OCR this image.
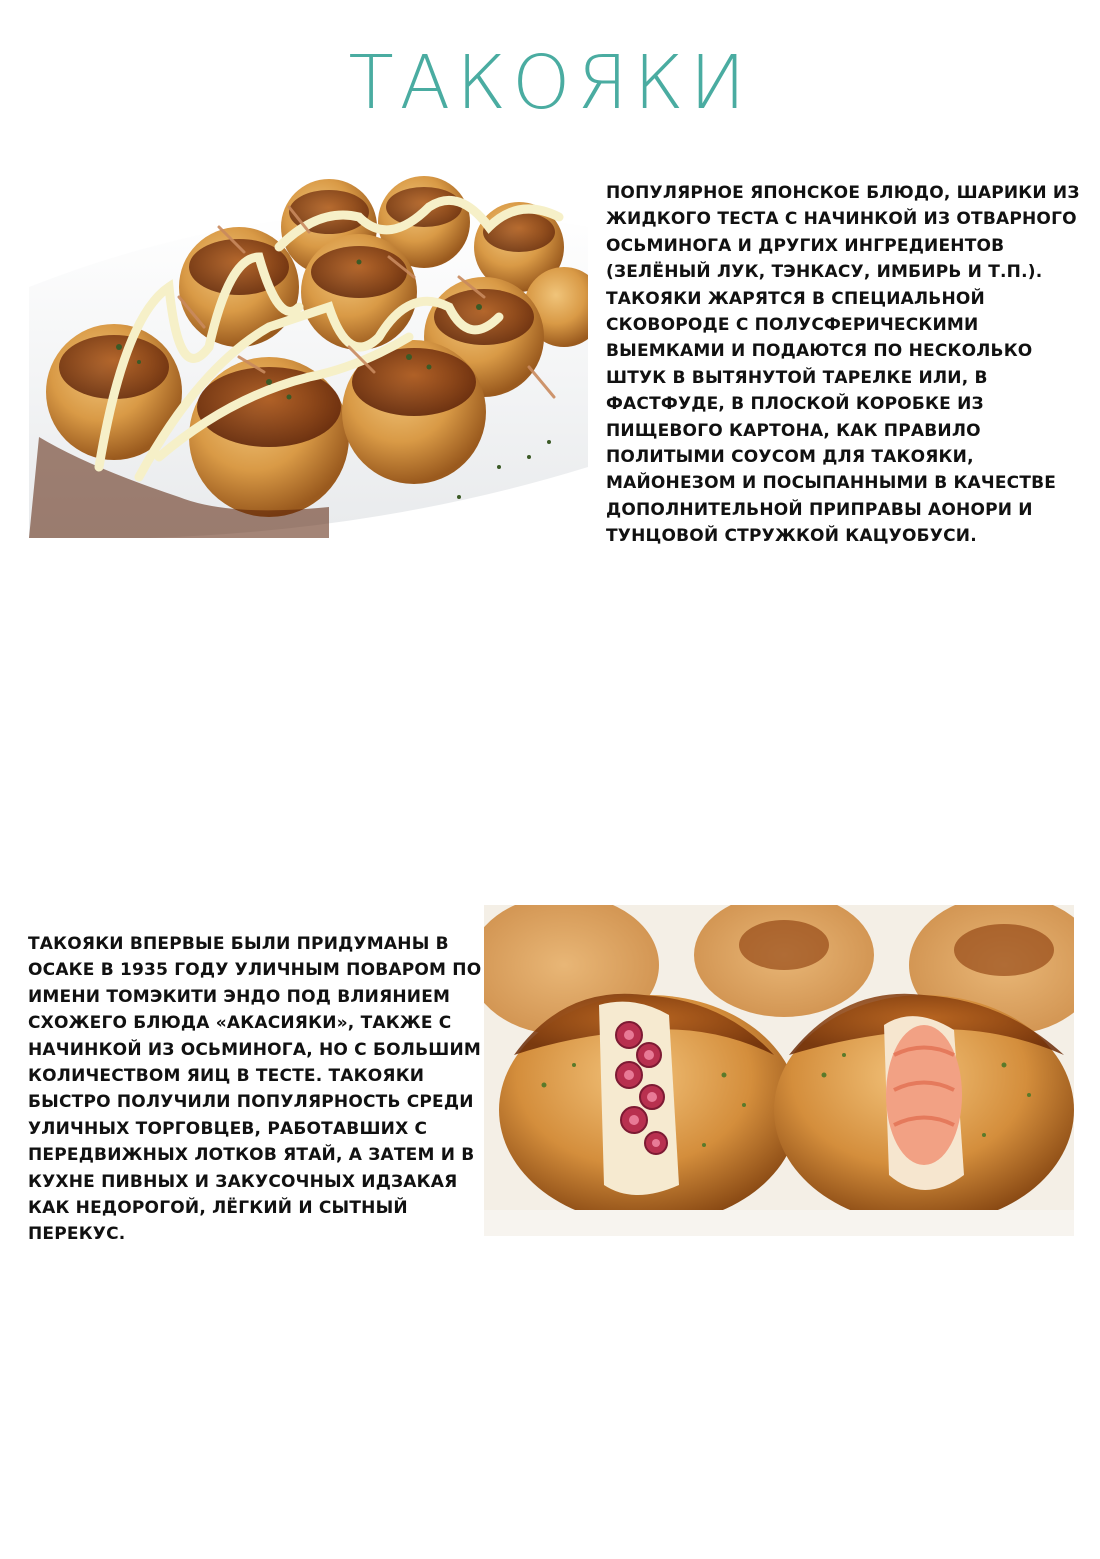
ТАКОЯКИ

ПОПУЛЯРНОЕ ЯПОНСКОЕ БЛЮДО, ШАРИКИ ИЗ ЖИДКОГО ТЕСТА С НАЧИНКОЙ ИЗ ОТВАРНОГО ОСЬМИНОГА И ДРУГИХ ИНГРЕДИЕНТОВ (ЗЕЛЁНЫЙ ЛУК, ТЭНКАСУ, ИМБИРЬ И Т.П.). ТАКОЯКИ ЖАРЯТСЯ В СПЕЦИАЛЬНОЙ СКОВОРОДЕ С ПОЛУСФЕРИЧЕСКИМИ ВЫЕМКАМИ И ПОДАЮТСЯ ПО НЕСКОЛЬКО ШТУК В ВЫТЯНУТОЙ ТАРЕЛКЕ ИЛИ, В ФАСТФУДЕ, В ПЛОСКОЙ КОРОБКЕ ИЗ ПИЩЕВОГО КАРТОНА, КАК ПРАВИЛО ПОЛИТЫМИ СОУСОМ ДЛЯ ТАКОЯКИ, МАЙОНЕЗОМ И ПОСЫПАННЫМИ В КАЧЕСТВЕ ДОПОЛНИТЕЛЬНОЙ ПРИПРАВЫ АОНОРИ И ТУНЦОВОЙ СТРУЖКОЙ КАЦУОБУСИ.

ТАКОЯКИ ВПЕРВЫЕ БЫЛИ ПРИДУМАНЫ В ОСАКЕ В 1935 ГОДУ УЛИЧНЫМ ПОВАРОМ ПО ИМЕНИ ТОМЭКИТИ ЭНДО ПОД ВЛИЯНИЕМ СХОЖЕГО БЛЮДА «АКАСИЯКИ», ТАКЖЕ С НАЧИНКОЙ ИЗ ОСЬМИНОГА, НО С БОЛЬШИМ КОЛИЧЕСТВОМ ЯИЦ В ТЕСТЕ. ТАКОЯКИ БЫСТРО ПОЛУЧИЛИ ПОПУЛЯРНОСТЬ СРЕДИ УЛИЧНЫХ ТОРГОВЦЕВ, РАБОТАВШИХ С ПЕРЕДВИЖНЫХ ЛОТКОВ ЯТАЙ, А ЗАТЕМ И В КУХНЕ ПИВНЫХ И ЗАКУСОЧНЫХ ИДЗАКАЯ КАК НЕДОРОГОЙ, ЛЁГКИЙ И СЫТНЫЙ ПЕРЕКУС.
